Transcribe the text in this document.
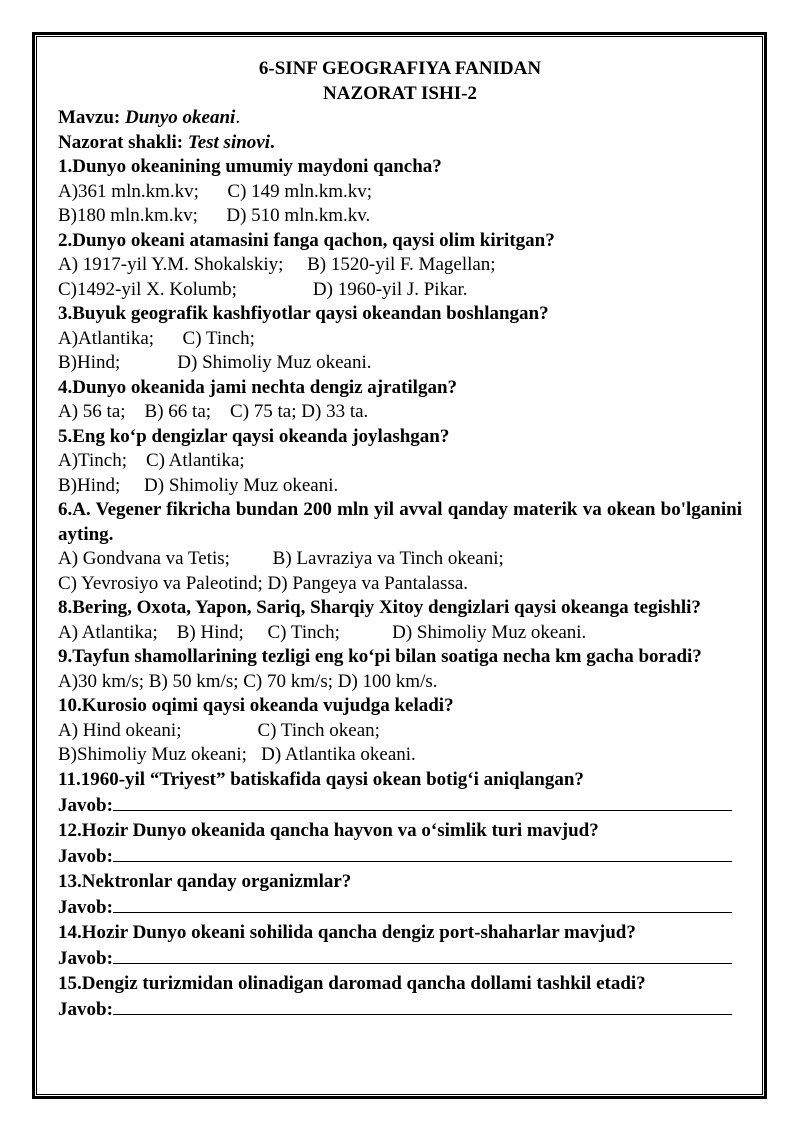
6-SINF GEOGRAFIYA FANIDAN
NAZORAT ISHI-2
Mavzu: Dunyo okeani.
Nazorat shakli: Test sinovi.
1.Dunyo okeanining umumiy maydoni qancha?
A)361 mln.km.kv;      C) 149 mln.km.kv;
B)180 mln.km.kv;      D) 510 mln.km.kv.
2.Dunyo okeani atamasini fanga qachon, qaysi olim kiritgan?
A) 1917-yil Y.M. Shokalskiy;     B) 1520-yil F. Magellan;
C)1492-yil X. Kolumb;                D) 1960-yil J. Pikar.
3.Buyuk geografik kashfiyotlar qaysi okeandan boshlangan?
A)Atlantika;      C) Tinch;
B)Hind;            D) Shimoliy Muz okeani.
4.Dunyo okeanida jami nechta dengiz ajratilgan?
A) 56 ta;    B) 66 ta;    C) 75 ta; D) 33 ta.
5.Eng ko‘p dengizlar qaysi okeanda joylashgan?
A)Tinch;    C) Atlantika;
B)Hind;     D) Shimoliy Muz okeani.
6.A. Vegener fikricha bundan 200 mln yil avval qanday materik va okean bo'lganini ayting.
A) Gondvana va Tetis;         B) Lavraziya va Tinch okeani;
C) Yevrosiyo va Paleotind; D) Pangeya va Pantalassa.
8.Bering, Oxota, Yapon, Sariq, Sharqiy Xitoy dengizlari qaysi okeanga tegishli?
A) Atlantika;    B) Hind;     C) Tinch;           D) Shimoliy Muz okeani.
9.Tayfun shamollarining tezligi eng ko‘pi bilan soatiga necha km gacha boradi?
A)30 km/s; B) 50 km/s; C) 70 km/s; D) 100 km/s.
10.Kurosio oqimi qaysi okeanda vujudga keladi?
A) Hind okeani;                C) Tinch okean;
B)Shimoliy Muz okeani;   D) Atlantika okeani.
11.1960-yil “Triyest” batiskafida qaysi okean botig‘i aniqlangan?
Javob:
12.Hozir Dunyo okeanida qancha hayvon va o‘simlik turi mavjud?
Javob:
13.Nektronlar qanday organizmlar?
Javob:
14.Hozir Dunyo okeani sohilida qancha dengiz port-shaharlar mavjud?
Javob:
15.Dengiz turizmidan olinadigan daromad qancha dollami tashkil etadi?
Javob:
